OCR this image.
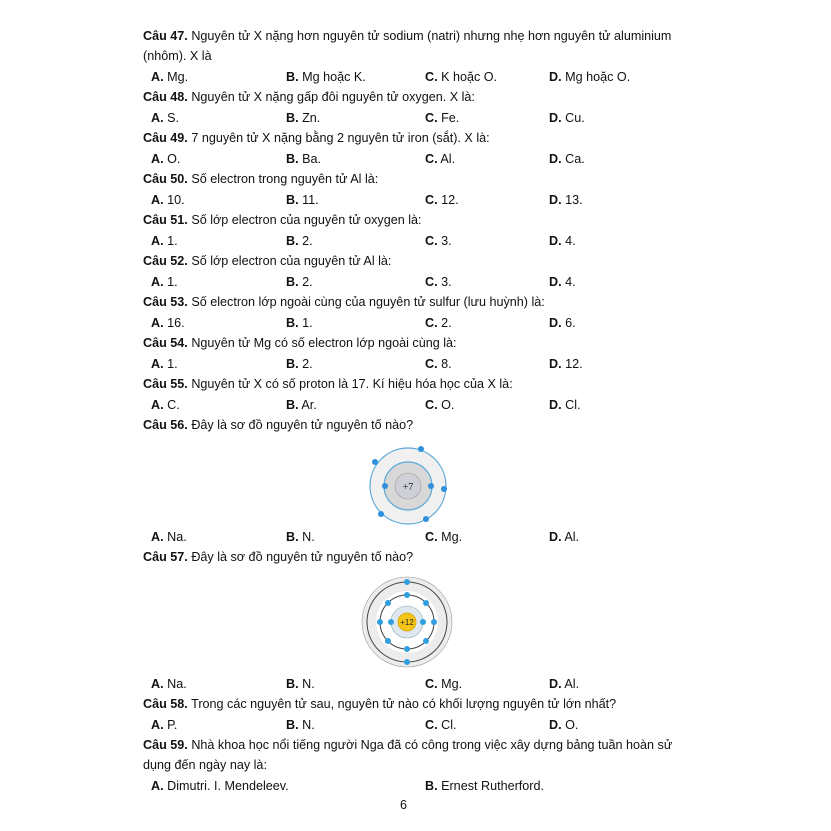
Câu 47. Nguyên tử X nặng hơn nguyên tử sodium (natri) nhưng nhẹ hơn nguyên tử aluminium
(nhôm). X là
A. Mg.	B. Mg hoặc K.	C. K hoặc O.	D. Mg hoặc O.
Câu 48. Nguyên tử X nặng gấp đôi nguyên tử oxygen. X là:
A. S.	B. Zn.	C. Fe.	D. Cu.
Câu 49. 7 nguyên tử X nặng bằng 2 nguyên tử iron (sắt). X là:
A. O.	B. Ba.	C. Al.	D. Ca.
Câu 50. Số electron trong nguyên tử Al là:
A. 10.	B. 11.	C. 12.	D. 13.
Câu 51. Số lớp electron của nguyên tử oxygen là:
A. 1.	B. 2.	C. 3.	D. 4.
Câu 52. Số lớp electron của nguyên tử Al là:
A. 1.	B. 2.	C. 3.	D. 4.
Câu 53. Số electron lớp ngoài cùng của nguyên tử sulfur (lưu huỳnh) là:
A. 16.	B. 1.	C. 2.	D. 6.
Câu 54. Nguyên tử Mg có số electron lớp ngoài cùng là:
A. 1.	B. 2.	C. 8.	D. 12.
Câu 55. Nguyên tử X có số proton là 17. Kí hiệu hóa học của X là:
A. C.	B. Ar.	C. O.	D. Cl.
Câu 56. Đây là sơ đồ nguyên tử nguyên tố nào?
+7
A. Na.	B. N.	C. Mg.	D. Al.
Câu 57. Đây là sơ đồ nguyên tử nguyên tố nào?
+12
A. Na.	B. N.	C. Mg.	D. Al.
Câu 58. Trong các nguyên tử sau, nguyên tử nào có khối lượng nguyên tử lớn nhất?
A. P.	B. N.	C. Cl.	D. O.
Câu 59. Nhà khoa học nổi tiếng người Nga đã có công trong việc xây dựng bảng tuần hoàn sử
dụng đến ngày nay là:
A. Dimutri. I. Mendeleev.	B. Ernest Rutherford.
6
